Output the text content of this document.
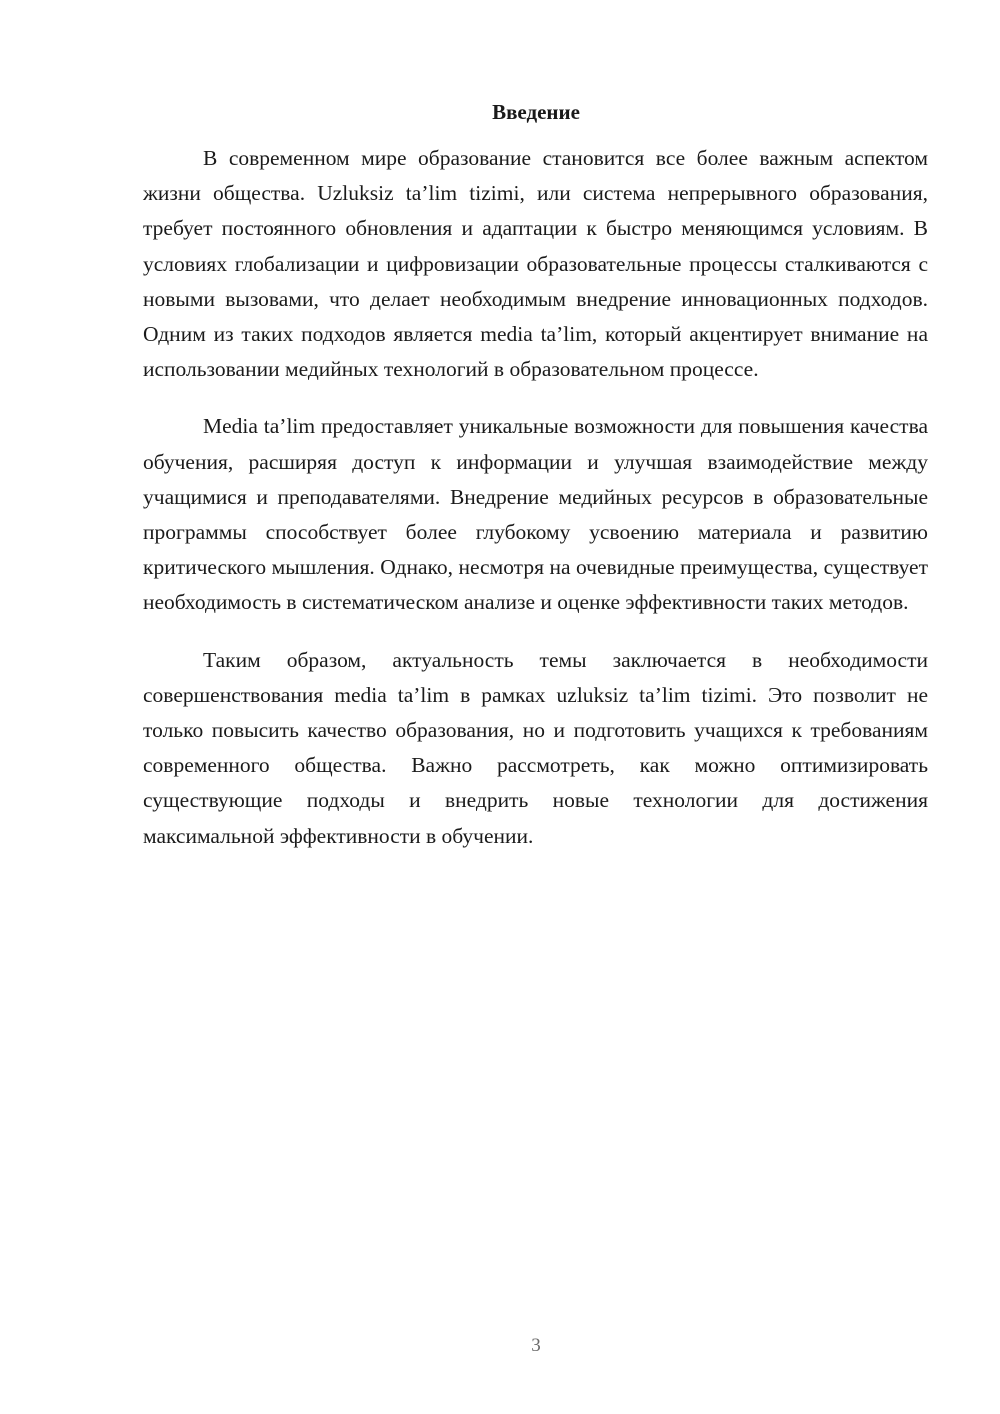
Введение

В современном мире образование становится все более важным аспектом жизни общества. Uzluksiz ta’lim tizimi, или система непрерывного образования, требует постоянного обновления и адаптации к быстро меняющимся условиям. В условиях глобализации и цифровизации образовательные процессы сталкиваются с новыми вызовами, что делает необходимым внедрение инновационных подходов. Одним из таких подходов является media ta’lim, который акцентирует внимание на использовании медийных технологий в образовательном процессе.

Media ta’lim предоставляет уникальные возможности для повышения качества обучения, расширяя доступ к информации и улучшая взаимодействие между учащимися и преподавателями. Внедрение медийных ресурсов в образовательные программы способствует более глубокому усвоению материала и развитию критического мышления. Однако, несмотря на очевидные преимущества, существует необходимость в систематическом анализе и оценке эффективности таких методов.

Таким образом, актуальность темы заключается в необходимости совершенствования media ta’lim в рамках uzluksiz ta’lim tizimi. Это позволит не только повысить качество образования, но и подготовить учащихся к требованиям современного общества. Важно рассмотреть, как можно оптимизировать существующие подходы и внедрить новые технологии для достижения максимальной эффективности в обучении.

3
